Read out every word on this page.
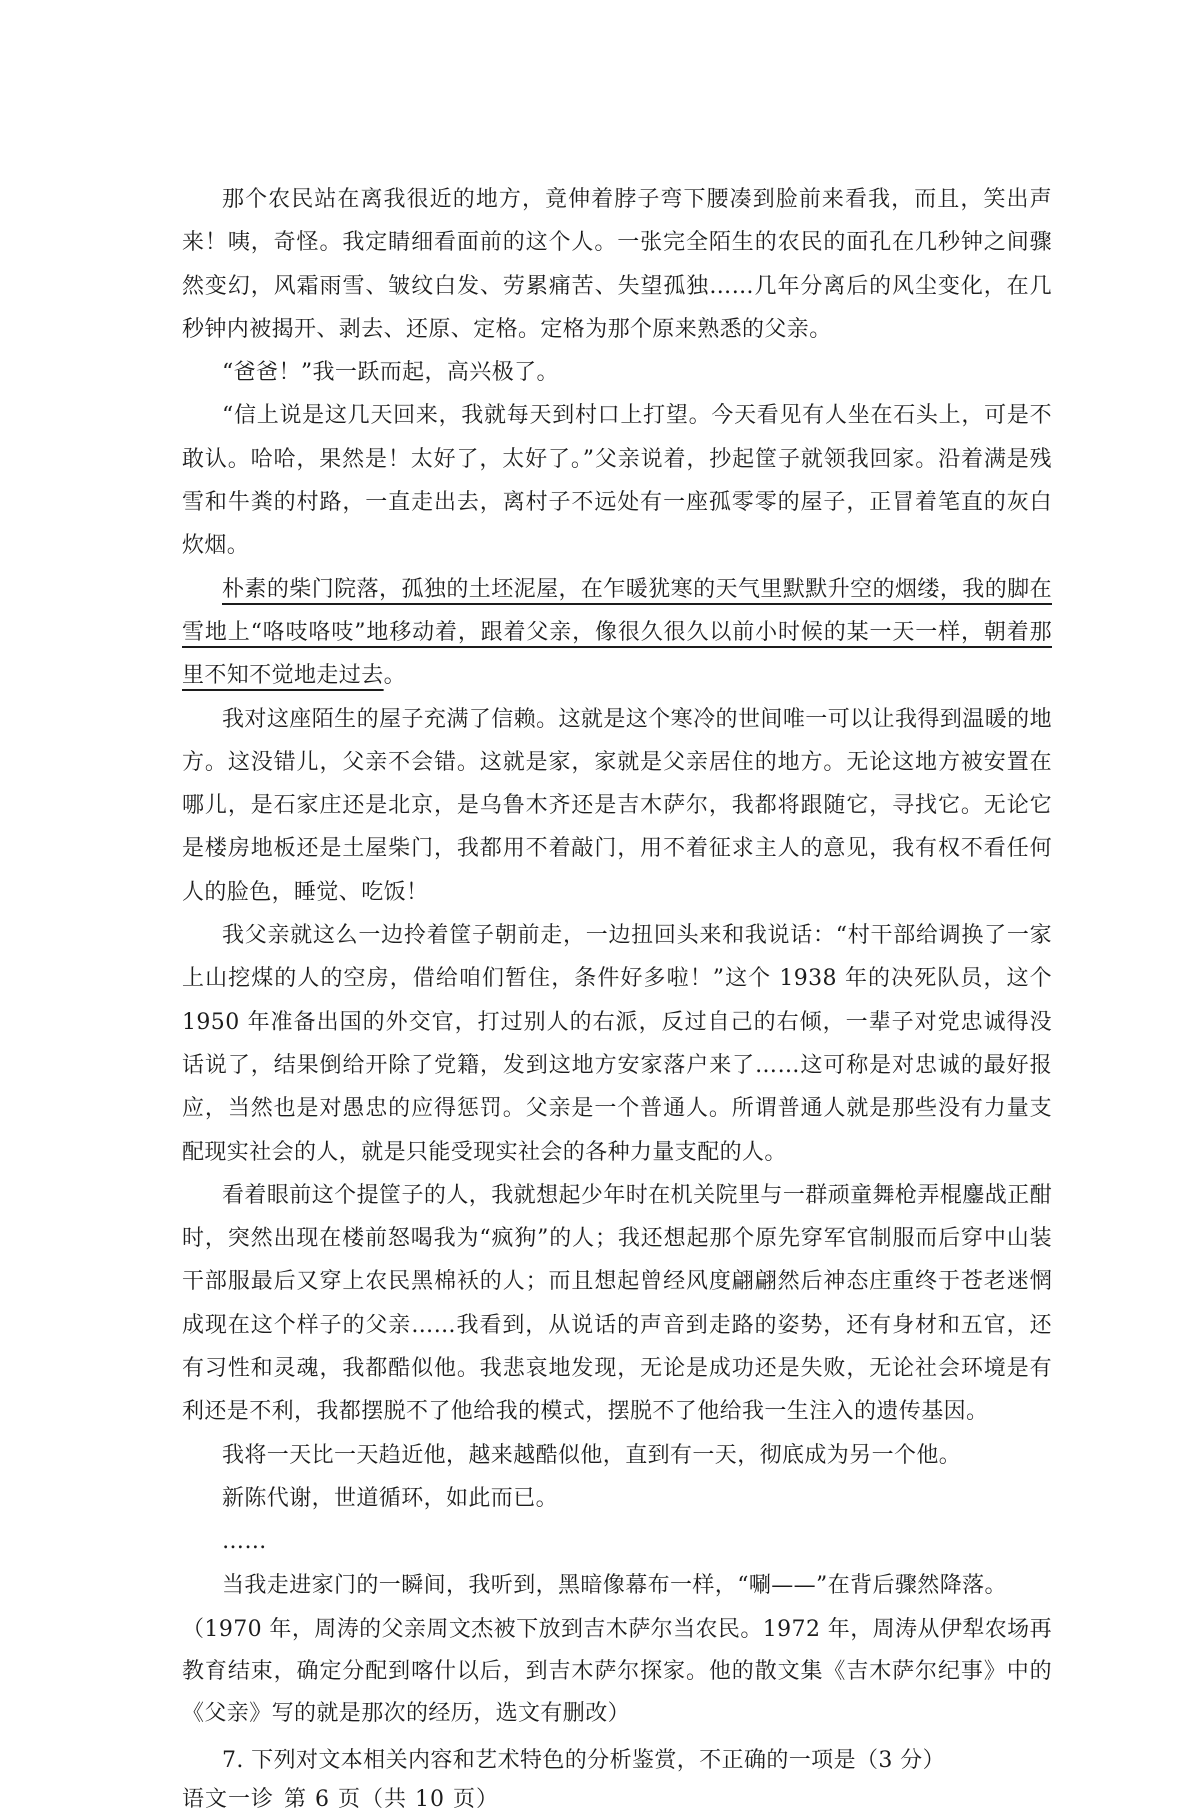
那个农民站在离我很近的地方，竟伸着脖子弯下腰凑到脸前来看我，而且，笑出声来！咦，奇怪。我定睛细看面前的这个人。一张完全陌生的农民的面孔在几秒钟之间骤然变幻，风霜雨雪、皱纹白发、劳累痛苦、失望孤独……几年分离后的风尘变化，在几秒钟内被揭开、剥去、还原、定格。定格为那个原来熟悉的父亲。

“爸爸！”我一跃而起，高兴极了。

“信上说是这几天回来，我就每天到村口上打望。今天看见有人坐在石头上，可是不敢认。哈哈，果然是！太好了，太好了。”父亲说着，抄起筐子就领我回家。沿着满是残雪和牛粪的村路，一直走出去，离村子不远处有一座孤零零的屋子，正冒着笔直的灰白炊烟。

朴素的柴门院落，孤独的土坯泥屋，在乍暖犹寒的天气里默默升空的烟缕，我的脚在雪地上“咯吱咯吱”地移动着，跟着父亲，像很久很久以前小时候的某一天一样，朝着那里不知不觉地走过去。

我对这座陌生的屋子充满了信赖。这就是这个寒冷的世间唯一可以让我得到温暖的地方。这没错儿，父亲不会错。这就是家，家就是父亲居住的地方。无论这地方被安置在哪儿，是石家庄还是北京，是乌鲁木齐还是吉木萨尔，我都将跟随它，寻找它。无论它是楼房地板还是土屋柴门，我都用不着敲门，用不着征求主人的意见，我有权不看任何人的脸色，睡觉、吃饭！

我父亲就这么一边拎着筐子朝前走，一边扭回头来和我说话：“村干部给调换了一家上山挖煤的人的空房，借给咱们暂住，条件好多啦！”这个 1938 年的决死队员，这个 1950 年准备出国的外交官，打过别人的右派，反过自己的右倾，一辈子对党忠诚得没话说了，结果倒给开除了党籍，发到这地方安家落户来了……这可称是对忠诚的最好报应，当然也是对愚忠的应得惩罚。父亲是一个普通人。所谓普通人就是那些没有力量支配现实社会的人，就是只能受现实社会的各种力量支配的人。

看着眼前这个提筐子的人，我就想起少年时在机关院里与一群顽童舞枪弄棍鏖战正酣时，突然出现在楼前怒喝我为“疯狗”的人；我还想起那个原先穿军官制服而后穿中山装干部服最后又穿上农民黑棉袄的人；而且想起曾经风度翩翩然后神态庄重终于苍老迷惘成现在这个样子的父亲……我看到，从说话的声音到走路的姿势，还有身材和五官，还有习性和灵魂，我都酷似他。我悲哀地发现，无论是成功还是失败，无论社会环境是有利还是不利，我都摆脱不了他给我的模式，摆脱不了他给我一生注入的遗传基因。

我将一天比一天趋近他，越来越酷似他，直到有一天，彻底成为另一个他。

新陈代谢，世道循环，如此而已。

……

当我走进家门的一瞬间，我听到，黑暗像幕布一样，“唰——”在背后骤然降落。

（1970 年，周涛的父亲周文杰被下放到吉木萨尔当农民。1972 年，周涛从伊犁农场再教育结束，确定分配到喀什以后，到吉木萨尔探家。他的散文集《吉木萨尔纪事》中的《父亲》写的就是那次的经历，选文有删改）

7. 下列对文本相关内容和艺术特色的分析鉴赏，不正确的一项是（3 分）

语文一诊 第 6 页（共 10 页）
